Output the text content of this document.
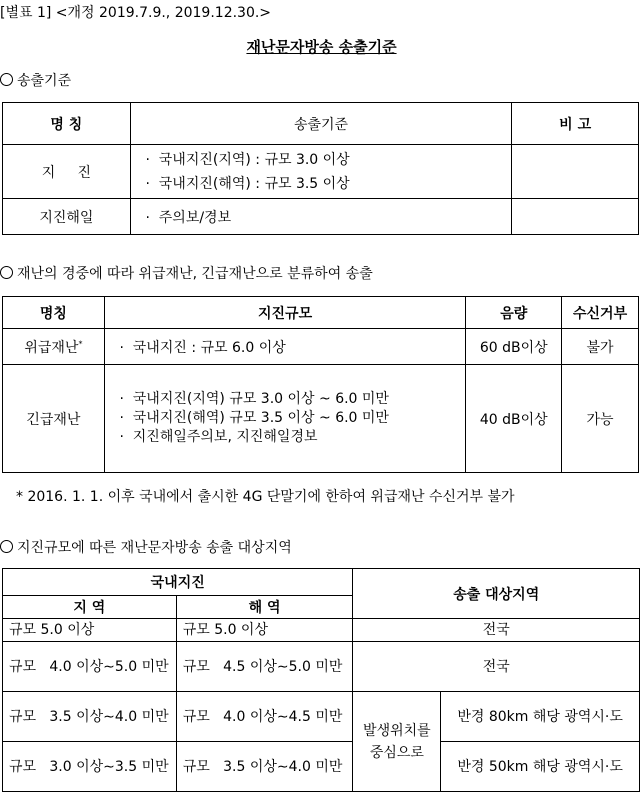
[별표 1] <개정 2019.7.9., 2019.12.30.>
재난문자방송 송출기준
송출기준
명 칭	송출기준	비 고
지     진	· 국내지진(지역) : 규모 3.0 이상
· 국내지진(해역) : 규모 3.5 이상	

지진해일	· 주의보/경보	

재난의 경중에 따라 위급재난, 긴급재난으로 분류하여 송출
명칭	지진규모	음량	수신거부
위급재난*	· 국내지진 : 규모 6.0 이상	60 dB이상	불가
긴급재난	· 국내지진(지역) 규모 3.0 이상 ~ 6.0 미만
· 국내지진(해역) 규모 3.5 이상 ~ 6.0 미만
· 지진해일주의보, 지진해일경보	40 dB이상	가능
* 2016. 1. 1. 이후 국내에서 출시한 4G 단말기에 한하여 위급재난 수신거부 불가
지진규모에 따른 재난문자방송 송출 대상지역
국내지진		송출 대상지역	
지 역	해 역		
규모 5.0 이상	규모 5.0 이상	전국	
규모   4.0 이상∼5.0 미만	규모   4.5 이상∼5.0 미만	전국	
규모   3.5 이상∼4.0 미만	규모   4.0 이상∼4.5 미만	발생위치를 중심으로	반경 80km 해당 광역시·도
규모   3.0 이상∼3.5 미만	규모   3.5 이상∼4.0 미만		반경 50km 해당 광역시·도
